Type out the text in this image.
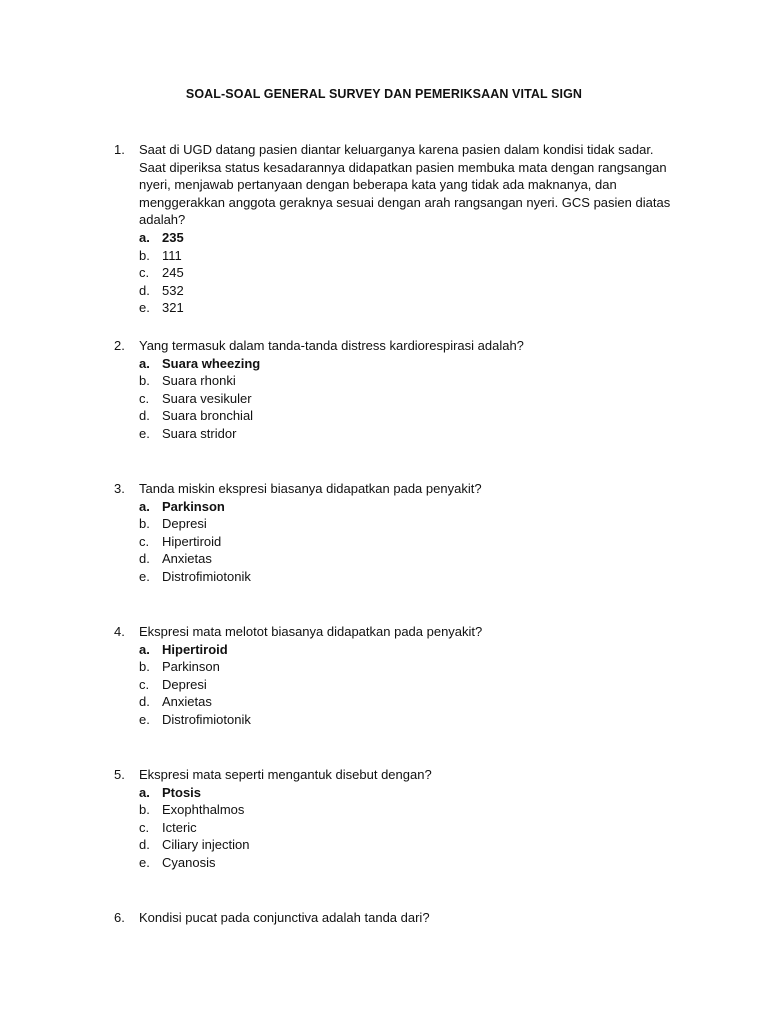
SOAL-SOAL GENERAL SURVEY DAN PEMERIKSAAN VITAL SIGN
1.	Saat di UGD datang pasien diantar keluarganya karena pasien dalam kondisi tidak sadar. Saat diperiksa status kesadarannya didapatkan pasien membuka mata dengan rangsangan nyeri, menjawab pertanyaan dengan beberapa kata yang tidak ada maknanya, dan menggerakkan anggota geraknya sesuai dengan arah rangsangan nyeri. GCS pasien diatas adalah?
a. 235
b. 111
c. 245
d. 532
e. 321
2.	Yang termasuk dalam tanda-tanda distress kardiorespirasi adalah?
a. Suara wheezing
b. Suara rhonki
c. Suara vesikuler
d. Suara bronchial
e. Suara stridor
3.	Tanda miskin ekspresi biasanya didapatkan pada penyakit?
a. Parkinson
b. Depresi
c. Hipertiroid
d. Anxietas
e. Distrofimiotonik
4.	Ekspresi mata melotot biasanya didapatkan pada penyakit?
a. Hipertiroid
b. Parkinson
c. Depresi
d. Anxietas
e. Distrofimiotonik
5.	Ekspresi mata seperti mengantuk disebut dengan?
a. Ptosis
b. Exophthalmos
c. Icteric
d. Ciliary injection
e. Cyanosis
6.	Kondisi pucat pada conjunctiva adalah tanda dari?
